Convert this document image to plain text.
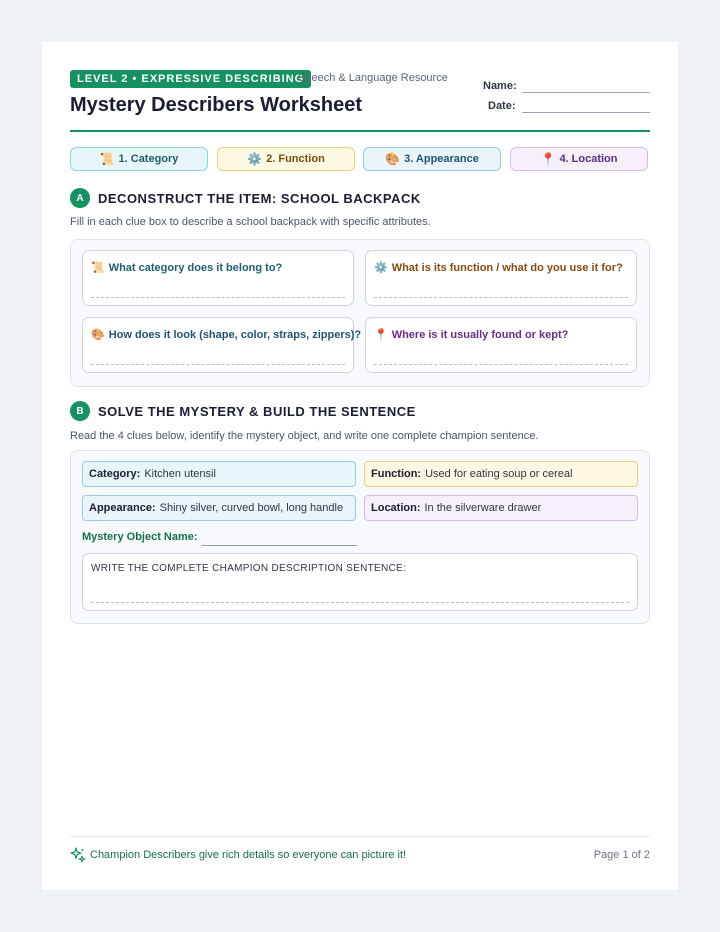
LEVEL 2 • EXPRESSIVE DESCRIBING
Speech & Language Resource
Mystery Describers Worksheet
Name:
Date:
📜 1. Category	⚙️ 2. Function	🎨 3. Appearance	📍 4. Location
A	DECONSTRUCT THE ITEM: SCHOOL BACKPACK
Fill in each clue box to describe a school backpack with specific attributes.
📜 What category does it belong to?	⚙️ What is its function / what do you use it for?
🎨 How does it look (shape, color, straps, zippers)? 📍 Where is it usually found or kept?
B	SOLVE THE MYSTERY & BUILD THE SENTENCE
Read the 4 clues below, identify the mystery object, and write one complete champion sentence.
Category: Kitchen utensil	Function: Used for eating soup or cereal
Appearance: Shiny silver, curved bowl, long handle	Location: In the silverware drawer
Mystery Object Name:
WRITE THE COMPLETE CHAMPION DESCRIPTION SENTENCE:
Champion Describers give rich details so everyone can picture it!	Page 1 of 2
